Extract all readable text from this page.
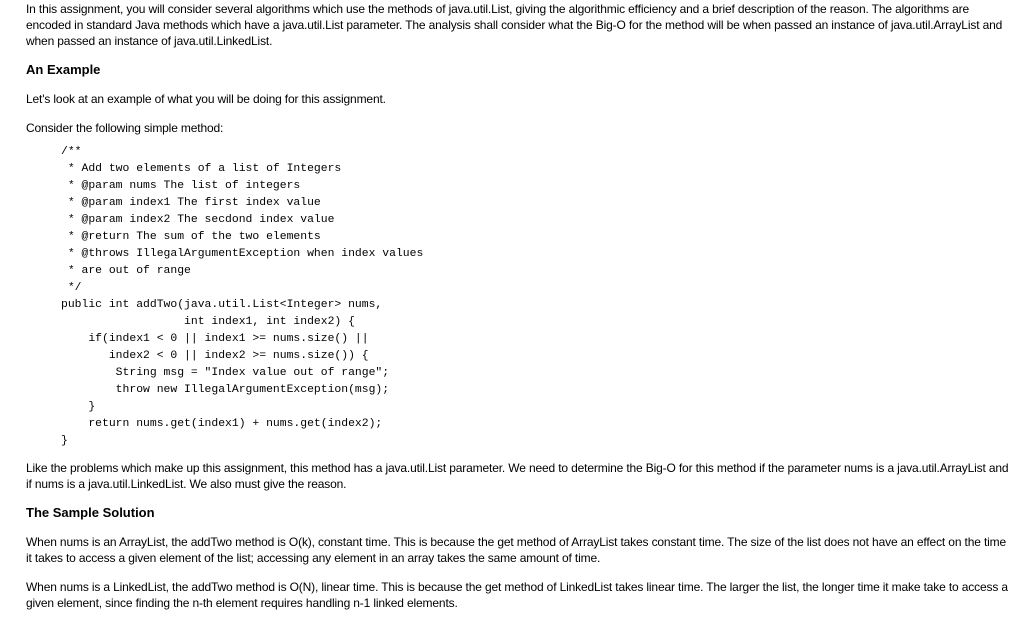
In this assignment, you will consider several algorithms which use the methods of java.util.List, giving the algorithmic efficiency and a brief description of the reason. The algorithms are encoded in standard Java methods which have a java.util.List parameter. The analysis shall consider what the Big-O for the method will be when passed an instance of java.util.ArrayList and when passed an instance of java.util.LinkedList.

An Example

Let's look at an example of what you will be doing for this assignment.

Consider the following simple method:

/**
* Add two elements of a list of Integers
* @param nums The list of integers
* @param index1 The first index value
* @param index2 The secdond index value
* @return The sum of the two elements
* @throws IllegalArgumentException when index values
* are out of range
*/
public int addTwo(java.util.List<Integer> nums,
int index1, int index2) {
if(index1 < 0 || index1 >= nums.size() ||
index2 < 0 || index2 >= nums.size()) {
String msg = "Index value out of range";
throw new IllegalArgumentException(msg);
}
return nums.get(index1) + nums.get(index2);
}

Like the problems which make up this assignment, this method has a java.util.List parameter. We need to determine the Big-O for this method if the parameter nums is a java.util.ArrayList and if nums is a java.util.LinkedList. We also must give the reason.

The Sample Solution

When nums is an ArrayList, the addTwo method is O(k), constant time. This is because the get method of ArrayList takes constant time. The size of the list does not have an effect on the time it takes to access a given element of the list; accessing any element in an array takes the same amount of time.

When nums is a LinkedList, the addTwo method is O(N), linear time. This is because the get method of LinkedList takes linear time. The larger the list, the longer time it make take to access a given element, since finding the n-th element requires handling n-1 linked elements.
